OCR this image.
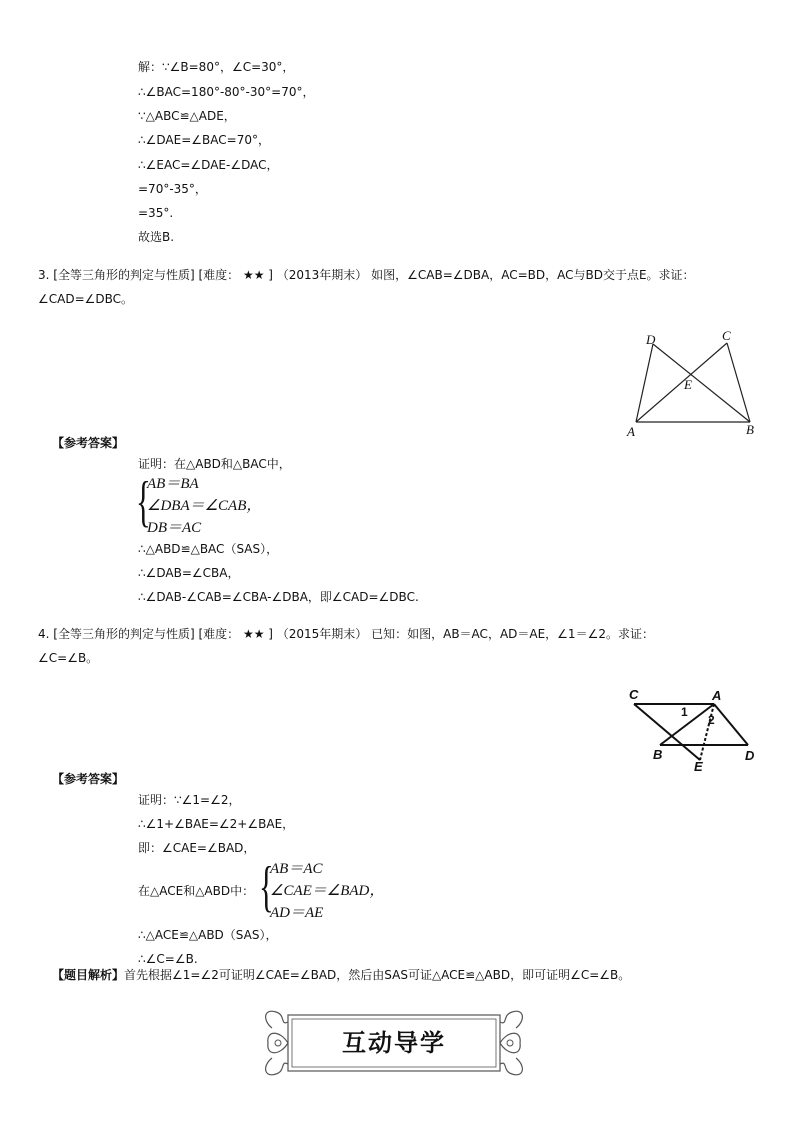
解：∵∠B=80°，∠C=30°，
∴∠BAC=180°-80°-30°=70°，
∵△ABC≌△ADE，
∴∠DAE=∠BAC=70°，
∴∠EAC=∠DAE-∠DAC，
=70°-35°，
=35°.
故选B.
3. [全等三角形的判定与性质] [难度： ★★ ] （2013年期末） 如图，∠CAB=∠DBA，AC=BD，AC与BD交于点E。求证：
∠CAD=∠DBC。
D	C
E
A	B
C	A
B
E
D
1
2
【参考答案】
证明：在△ABD和△BAC中，
{
AB＝BA
∠DBA＝∠CAB，
DB＝AC
∴△ABD≌△BAC（SAS），
∴∠DAB=∠CBA，
∴∠DAB-∠CAB=∠CBA-∠DBA，即∠CAD=∠DBC.
4. [全等三角形的判定与性质] [难度： ★★ ] （2015年期末） 已知：如图，AB＝AC，AD＝AE，∠1＝∠2。求证：
∠C=∠B。
【参考答案】
证明：∵∠1=∠2，
∴∠1+∠BAE=∠2+∠BAE，
即：∠CAE=∠BAD，
在△ACE和△ABD中： {
AB＝AC
∠CAE＝∠BAD，
AD＝AE
∴△ACE≌△ABD（SAS），
∴∠C=∠B.
【题目解析】首先根据∠1=∠2可证明∠CAE=∠BAD，然后由SAS可证△ACE≌△ABD，即可证明∠C=∠B。
互动导学
